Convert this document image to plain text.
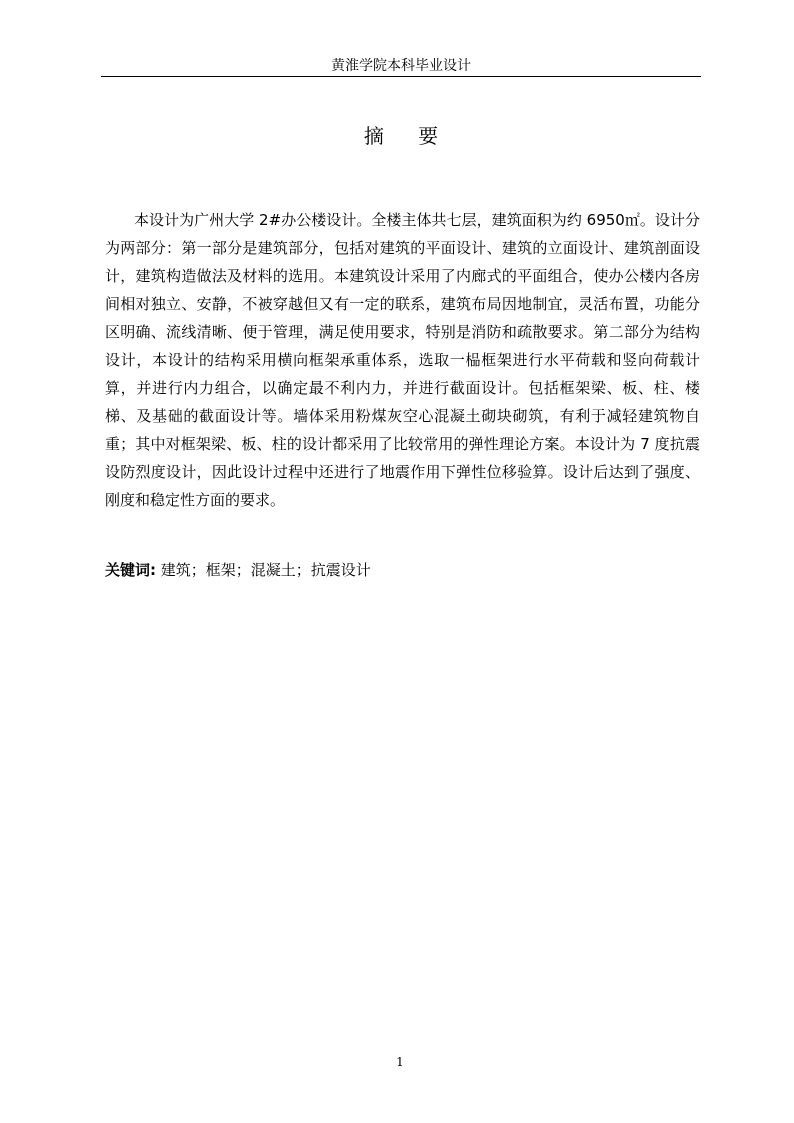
黄淮学院本科毕业设计
摘 要

本设计为广州大学 2#办公楼设计。全楼主体共七层，建筑面积为约 6950㎡。设计分为两部分：第一部分是建筑部分，包括对建筑的平面设计、建筑的立面设计、建筑剖面设计，建筑构造做法及材料的选用。本建筑设计采用了内廊式的平面组合，使办公楼内各房间相对独立、安静，不被穿越但又有一定的联系，建筑布局因地制宜，灵活布置，功能分区明确、流线清晰、便于管理，满足使用要求，特别是消防和疏散要求。第二部分为结构设计，本设计的结构采用横向框架承重体系，选取一榀框架进行水平荷载和竖向荷载计算，并进行内力组合，以确定最不利内力，并进行截面设计。包括框架梁、板、柱、楼梯、及基础的截面设计等。墙体采用粉煤灰空心混凝土砌块砌筑，有利于减轻建筑物自重；其中对框架梁、板、柱的设计都采用了比较常用的弹性理论方案。本设计为 7 度抗震设防烈度设计，因此设计过程中还进行了地震作用下弹性位移验算。设计后达到了强度、刚度和稳定性方面的要求。

关键词: 建筑；框架；混凝土；抗震设计
1
